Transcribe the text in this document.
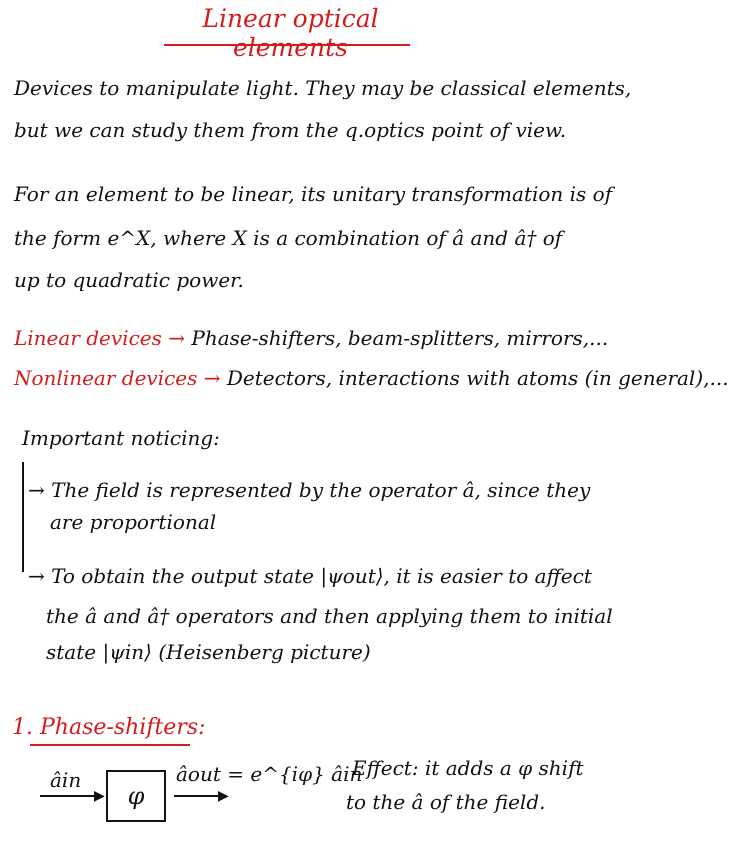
Linear optical elements
Devices to manipulate light. They may be classical elements,
but we can study them from the q.optics point of view.
For an element to be linear, its unitary transformation is of
the form e^X, where X is a combination of â and â† of
up to quadratic power.
Linear devices → Phase-shifters, beam-splitters, mirrors,...
Nonlinear devices → Detectors, interactions with atoms (in general),...
Important noticing:
→ The field is represented by the operator â, since they
are proportional
→ To obtain the output state |ψout⟩, it is easier to affect
the â and â† operators and then applying them to initial
state |ψin⟩ (Heisenberg picture)
1. Phase-shifters:
âin
▶ φ
âout = e^{iφ} âin
▶
Effect: it adds a φ shift
to the â of the field.
